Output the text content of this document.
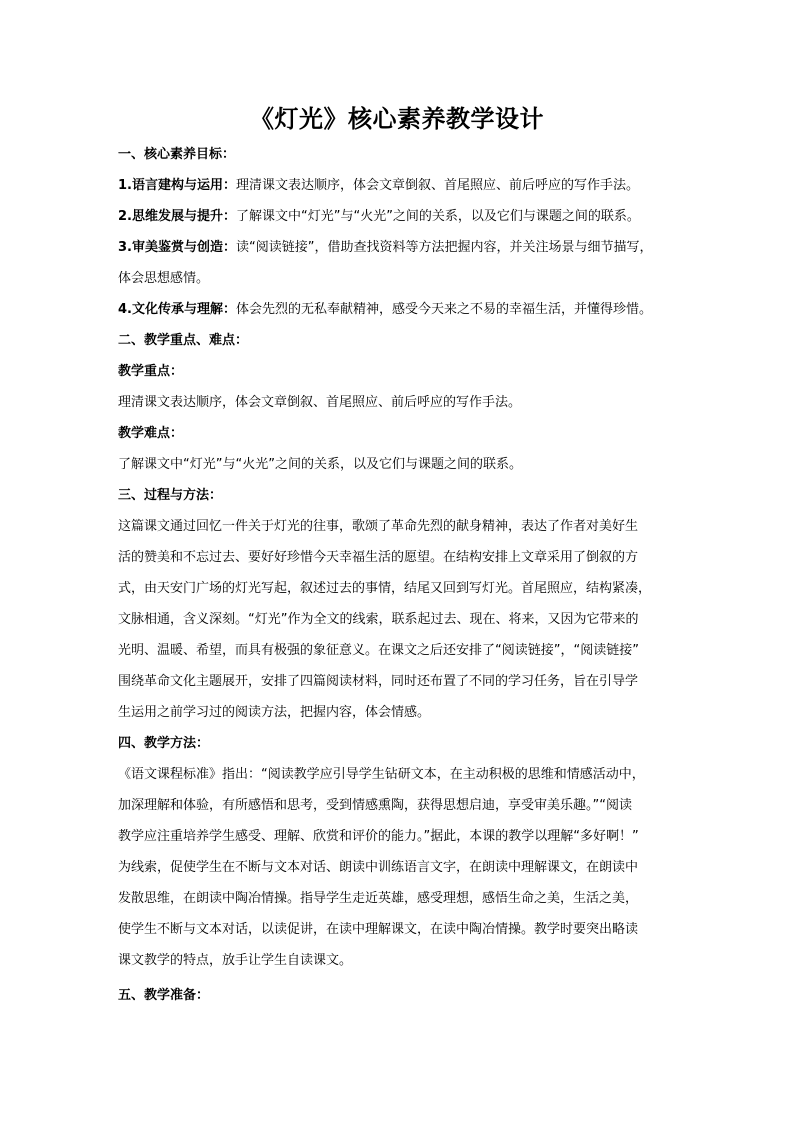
《灯光》核心素养教学设计
一、核心素养目标：
1.语言建构与运用：理清课文表达顺序，体会文章倒叙、首尾照应、前后呼应的写作手法。
2.思维发展与提升：了解课文中“灯光”与“火光”之间的关系，以及它们与课题之间的联系。
3.审美鉴赏与创造：读“阅读链接”，借助查找资料等方法把握内容，并关注场景与细节描写，
体会思想感情。
4.文化传承与理解：体会先烈的无私奉献精神，感受今天来之不易的幸福生活，并懂得珍惜。
二、教学重点、难点：
教学重点：
理清课文表达顺序，体会文章倒叙、首尾照应、前后呼应的写作手法。
教学难点：
了解课文中“灯光”与“火光”之间的关系，以及它们与课题之间的联系。
三、过程与方法：
这篇课文通过回忆一件关于灯光的往事，歌颂了革命先烈的献身精神，表达了作者对美好生
活的赞美和不忘过去、要好好珍惜今天幸福生活的愿望。在结构安排上文章采用了倒叙的方
式，由天安门广场的灯光写起，叙述过去的事情，结尾又回到写灯光。首尾照应，结构紧凑，
文脉相通，含义深刻。“灯光”作为全文的线索，联系起过去、现在、将来，又因为它带来的
光明、温暖、希望，而具有极强的象征意义。在课文之后还安排了“阅读链接”，“阅读链接”
围绕革命文化主题展开，安排了四篇阅读材料，同时还布置了不同的学习任务，旨在引导学
生运用之前学习过的阅读方法，把握内容，体会情感。
四、教学方法：
《语文课程标准》指出：“阅读教学应引导学生钻研文本，在主动积极的思维和情感活动中，
加深理解和体验，有所感悟和思考，受到情感熏陶，获得思想启迪，享受审美乐趣。”“阅读
教学应注重培养学生感受、理解、欣赏和评价的能力。”据此，本课的教学以理解“多好啊！”
为线索，促使学生在不断与文本对话、朗读中训练语言文字，在朗读中理解课文，在朗读中
发散思维，在朗读中陶冶情操。指导学生走近英雄，感受理想，感悟生命之美，生活之美，
使学生不断与文本对话，以读促讲，在读中理解课文，在读中陶冶情操。教学时要突出略读
课文教学的特点，放手让学生自读课文。
五、教学准备：
